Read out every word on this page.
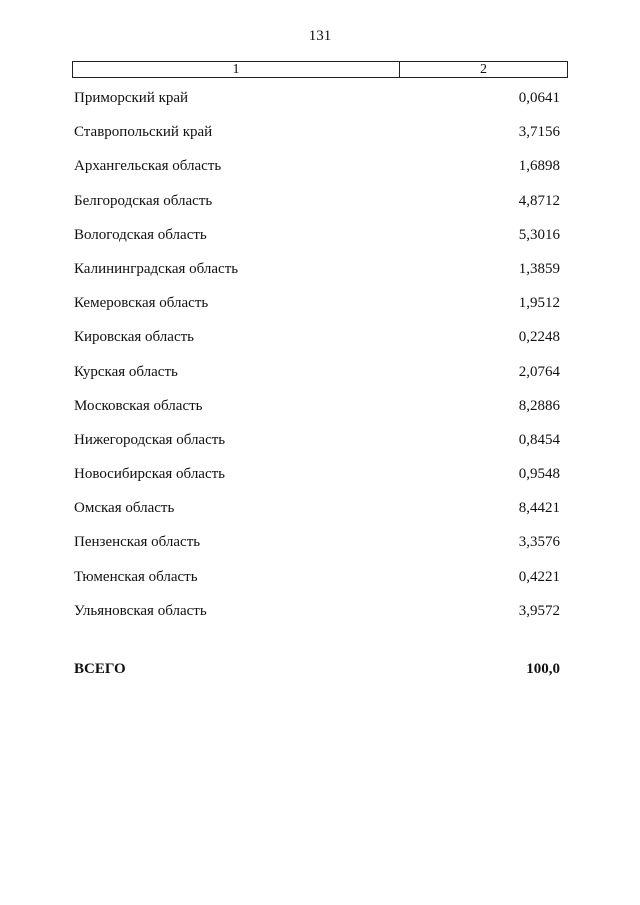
131
1	2
Приморский край	0,0641
Ставропольский край	3,7156
Архангельская область	1,6898
Белгородская область	4,8712
Вологодская область	5,3016
Калининградская область	1,3859
Кемеровская область	1,9512
Кировская область	0,2248
Курская область	2,0764
Московская область	8,2886
Нижегородская область	0,8454
Новосибирская область	0,9548
Омская область	8,4421
Пензенская область	3,3576
Тюменская область	0,4221
Ульяновская область	3,9572
ВСЕГО	100,0
